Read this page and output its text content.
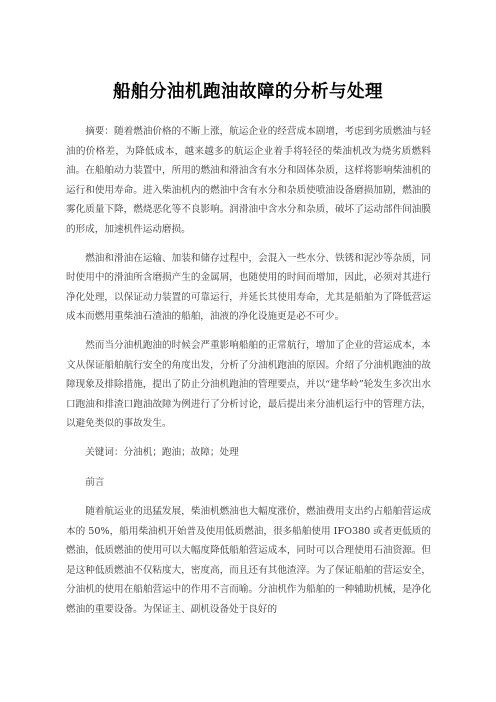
船舶分油机跑油故障的分析与处理

摘要：随着燃油价格的不断上涨，航运企业的经营成本剧增，考虑到劣质燃油与轻油的价格差，为降低成本，越来越多的航运企业着手将轻径的柴油机改为烧劣质燃料油。在船舶动力装置中，所用的燃油和滑油含有水分和固体杂质，这样将影响柴油机的运行和使用寿命。进入柴油机内的燃油中含有水分和杂质使喷油设备磨损加剧，燃油的雾化质量下降，燃烧恶化等不良影响。润滑油中含水分和杂质，破坏了运动部件间油膜的形成，加速机件运动磨损。

燃油和滑油在运输、加装和储存过程中，会混入一些水分、铁锈和泥沙等杂质，同时使用中的滑油所含磨损产生的金属屑，也随使用的时间而增加，因此，必须对其进行净化处理，以保证动力装置的可靠运行，并延长其使用寿命，尤其是船舶为了降低营运成本而燃用重柴油石渣油的船舶，油液的净化设施更是必不可少。

然而当分油机跑油的时候会严重影响船舶的正常航行，增加了企业的营运成本，本文从保证船舶航行安全的角度出发，分析了分油机跑油的原因。介绍了分油机跑油的故障现象及排除措施，提出了防止分油机跑油的管理要点，并以“建华岭”轮发生多次出水口跑油和排渣口跑油故障为例进行了分析讨论，最后提出来分油机运行中的管理方法，以避免类似的事故发生。

关键词：分油机；跑油；故障；处理

前言

随着航运业的迅猛发展，柴油机燃油也大幅度涨价，燃油费用支出约占船舶营运成本的 50%，船用柴油机开始普及使用低质燃油，很多船舶使用 IFO380 或者更低质的燃油，低质燃油的使用可以大幅度降低船舶营运成本，同时可以合理使用石油资源。但是这种低质燃油不仅粘度大，密度高，而且还有其他渣滓。为了保证船舶的营运安全，分油机的使用在船舶营运中的作用不言而喻。分油机作为船舶的一种辅助机械，是净化燃油的重要设备。为保证主、副机设备处于良好的
